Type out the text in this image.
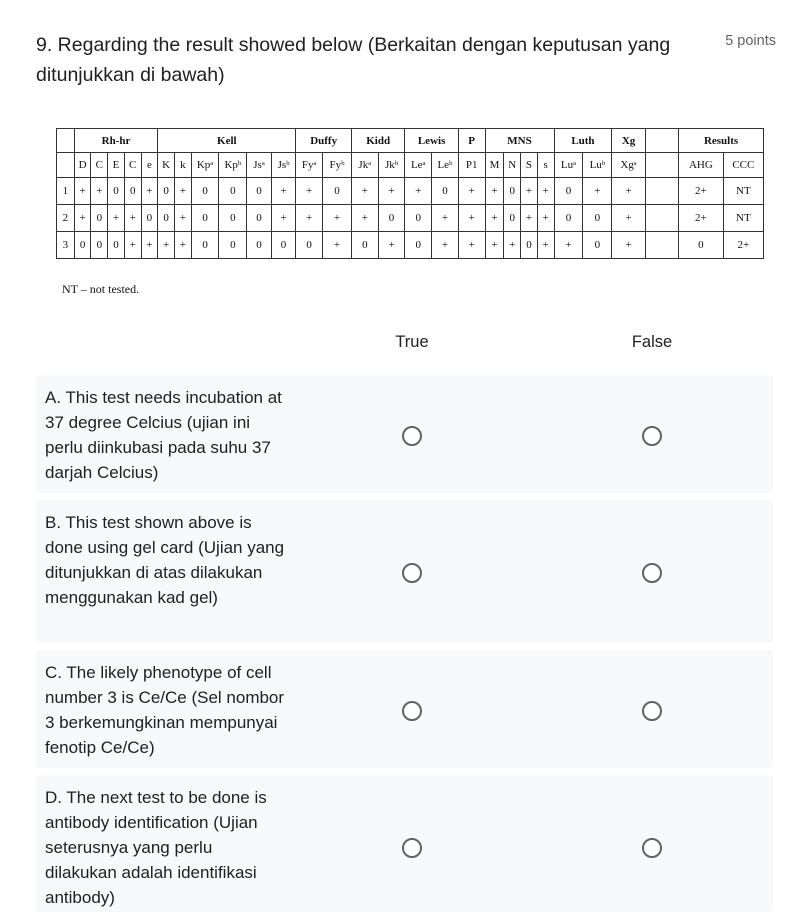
9. Regarding the result showed below (Berkaitan dengan keputusan yang ditunjukkan di bawah)
5 points
	Rh-hr					Kell						Duffy		Kidd		Lewis		P	MNS				Luth		Xg		Results	
	D	C	E	C	e	K	k	Kpᵃ	Kpᵇ	Jsᵃ	Jsᵇ	Fyᵃ	Fyᵇ	Jkᵃ	Jkᵇ	Leᵃ	Leᵇ	P1	M	N	S	s	Luᵃ	Luᵇ	Xgᵃ		AHG	CCC
1	+	+	0	0	+	0	+	0	0	0	+	+	0	+	+	+	0	+	+	0	+	+	0	+	+		2+	NT
2	+	0	+	+	0	0	+	0	0	0	+	+	+	+	0	0	+	+	+	0	+	+	0	0	+		2+	NT
3	0	0	0	+	+	+	+	0	0	0	0	0	+	0	+	0	+	+	+	+	0	+	+	0	+		0	2+
NT – not tested.
True	False
A. This test needs incubation at 37 degree Celcius (ujian ini perlu diinkubasi pada suhu 37 darjah Celcius)
B. This test shown above is done using gel card (Ujian yang ditunjukkan di atas dilakukan menggunakan kad gel)
C. The likely phenotype of cell number 3 is Ce/Ce (Sel nombor 3 berkemungkinan mempunyai fenotip Ce/Ce)
D. The next test to be done is antibody identification (Ujian seterusnya yang perlu dilakukan adalah identifikasi antibody)
